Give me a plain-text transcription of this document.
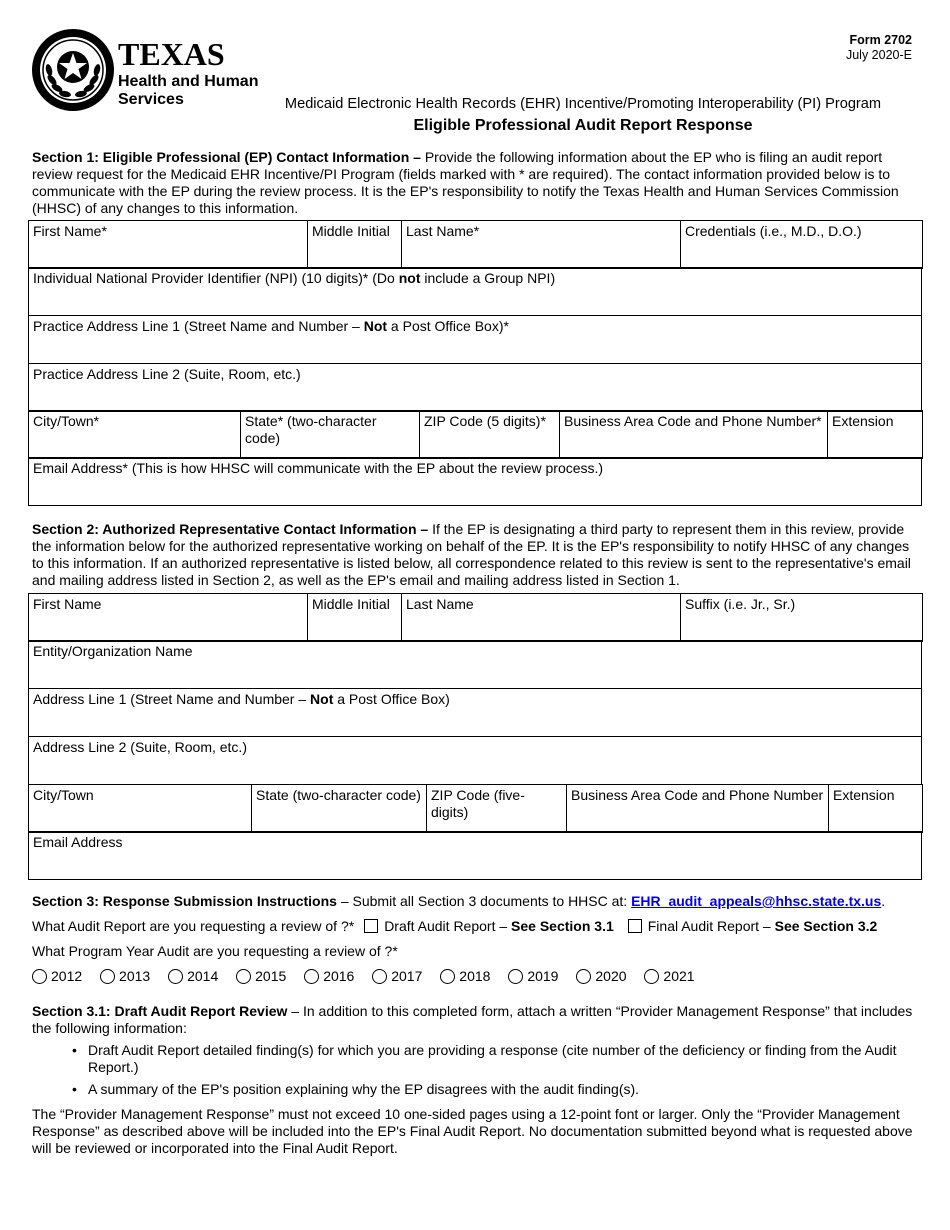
TEXAS
Health and Human
Services
Form 2702
July 2020-E
Medicaid Electronic Health Records (EHR) Incentive/Promoting Interoperability (PI) Program
Eligible Professional Audit Report Response
Section 1: Eligible Professional (EP) Contact Information – Provide the following information about the EP who is filing an audit report review request for the Medicaid EHR Incentive/PI Program (fields marked with * are required). The contact information provided below is to communicate with the EP during the review process. It is the EP's responsibility to notify the Texas Health and Human Services Commission (HHSC) of any changes to this information.
First Name*	Middle Initial	Last Name*	Credentials (i.e., M.D., D.O.)
Individual National Provider Identifier (NPI) (10 digits)* (Do not include a Group NPI)
Practice Address Line 1 (Street Name and Number – Not a Post Office Box)*
Practice Address Line 2 (Suite, Room, etc.)
City/Town*	State* (two-character code)	ZIP Code (5 digits)*	Business Area Code and Phone Number*	Extension
Email Address* (This is how HHSC will communicate with the EP about the review process.)
Section 2: Authorized Representative Contact Information – If the EP is designating a third party to represent them in this review, provide the information below for the authorized representative working on behalf of the EP. It is the EP's responsibility to notify HHSC of any changes to this information. If an authorized representative is listed below, all correspondence related to this review is sent to the representative's email and mailing address listed in Section 2, as well as the EP's email and mailing address listed in Section 1.
First Name	Middle Initial	Last Name	Suffix (i.e. Jr., Sr.)
Entity/Organization Name
Address Line 1 (Street Name and Number – Not a Post Office Box)
Address Line 2 (Suite, Room, etc.)
City/Town	State (two-character code)	ZIP Code (five-digits)	Business Area Code and Phone Number	Extension
Email Address
Section 3: Response Submission Instructions – Submit all Section 3 documents to HHSC at: EHR_audit_appeals@hhsc.state.tx.us.
What Audit Report are you requesting a review of ?* Draft Audit Report – See Section 3.1 Final Audit Report – See Section 3.2
What Program Year Audit are you requesting a review of ?*
2012	2013	2014	2015	2016	2017	2018	2019	2020	2021
Section 3.1: Draft Audit Report Review – In addition to this completed form, attach a written “Provider Management Response” that includes the following information:
• Draft Audit Report detailed finding(s) for which you are providing a response (cite number of the deficiency or finding from the Audit Report.)
• A summary of the EP's position explaining why the EP disagrees with the audit finding(s).
The “Provider Management Response” must not exceed 10 one-sided pages using a 12-point font or larger. Only the “Provider Management Response” as described above will be included into the EP's Final Audit Report. No documentation submitted beyond what is requested above will be reviewed or incorporated into the Final Audit Report.
